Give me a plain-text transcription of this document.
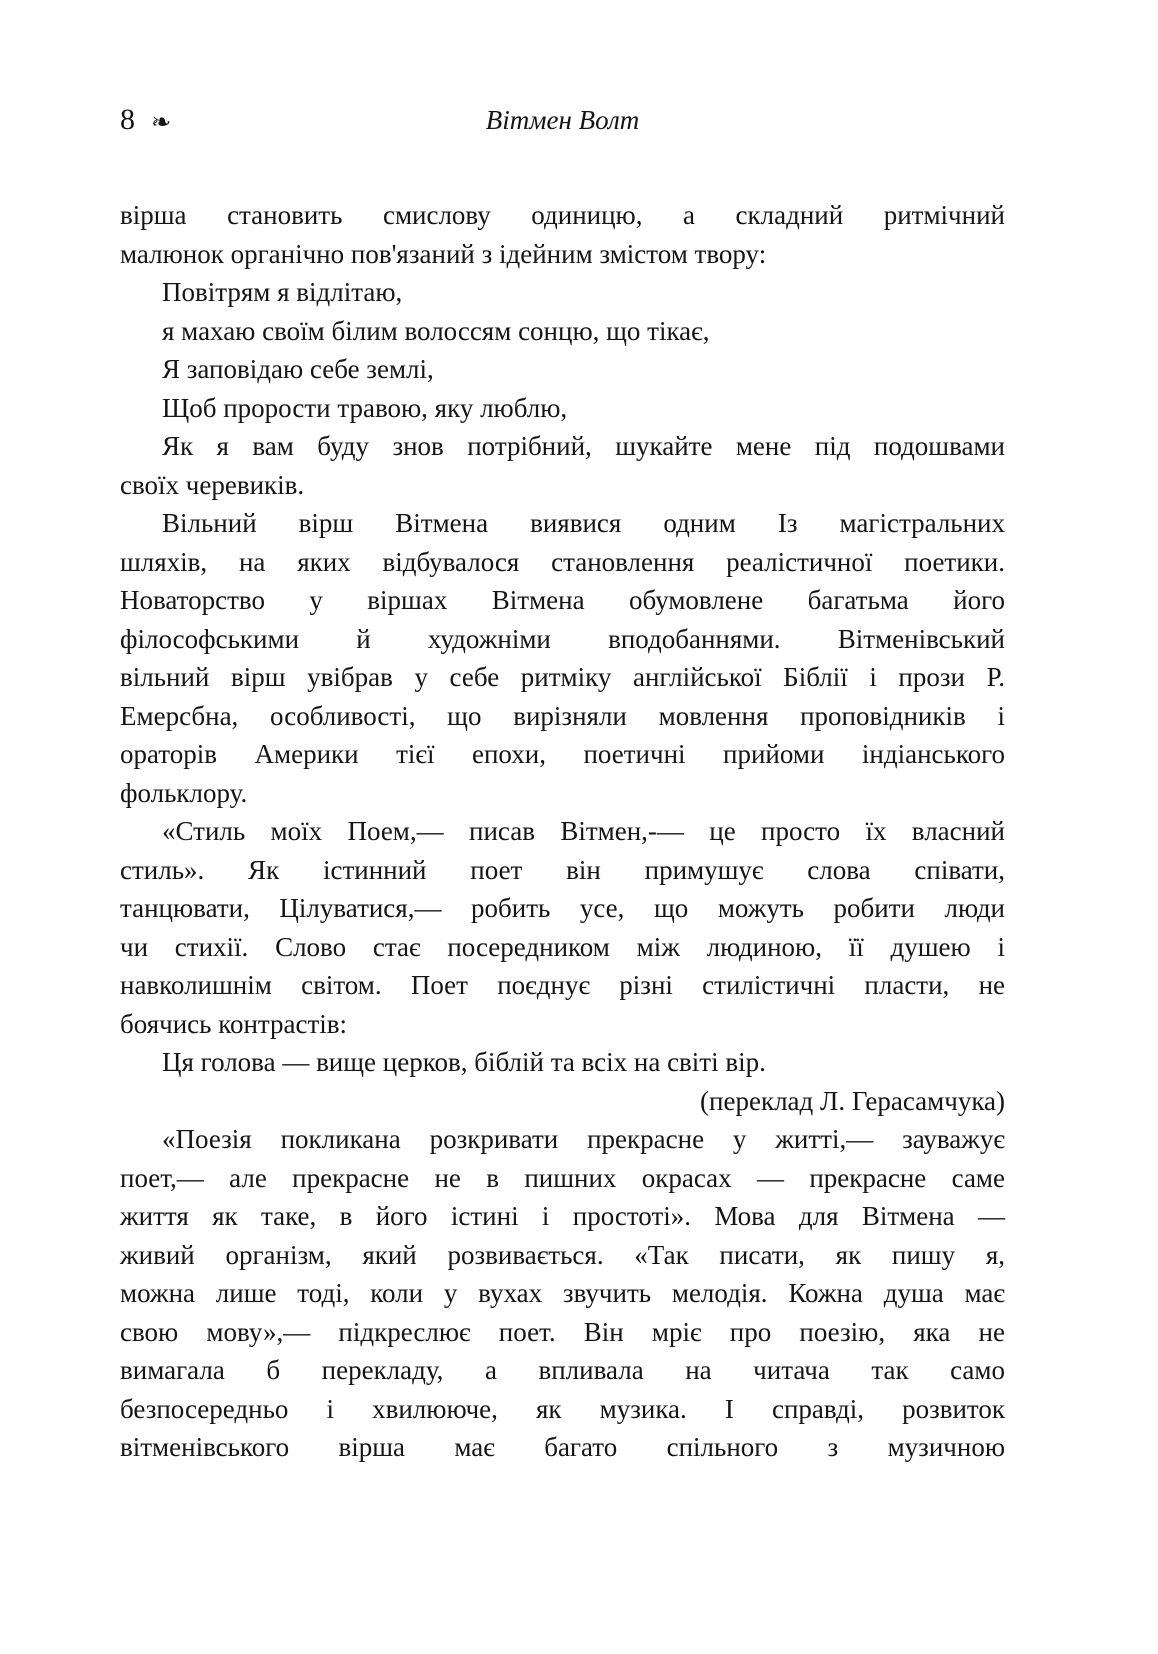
8 ❧	Вітмен Волт
вірша становить смислову одиницю, а складний ритмічний
малюнок органічно пов'язаний з ідейним змістом твору:
Повітрям я відлітаю,
я махаю своїм білим волоссям сонцю, що тікає,
Я заповідаю себе землі,
Щоб прорости травою, яку люблю,
Як я вам буду знов потрібний, шукайте мене під подошвами
своїх черевиків.
Вільний вірш Вітмена виявися одним Із магістральних
шляхів, на яких відбувалося становлення реалістичної поетики.
Новаторство у віршах Вітмена обумовлене багатьма його
філософськими й художніми вподобаннями. Вітменівський
вільний вірш увібрав у себе ритміку англійської Біблії і прози Р.
Емерсбна, особливості, що вирізняли мовлення проповідників і
ораторів Америки тієї епохи, поетичні прийоми індіанського
фольклору.
«Стиль моїх Поем,— писав Вітмен,-— це просто їх власний
стиль». Як істинний поет він примушує слова співати,
танцювати, Цілуватися,— робить усе, що можуть робити люди
чи стихії. Слово стає посередником між людиною, її душею і
навколишнім світом. Поет поєднує різні стилістичні пласти, не
боячись контрастів:
Ця голова — вище церков, біблій та всіх на світі вір.
(переклад Л. Герасамчука)
«Поезія покликана розкривати прекрасне у житті,— зауважує
поет,— але прекрасне не в пишних окрасах — прекрасне саме
життя як таке, в його істині і простоті». Мова для Вітмена —
живий організм, який розвивається. «Так писати, як пишу я,
можна лише тоді, коли у вухах звучить мелодія. Кожна душа має
свою мову»,— підкреслює поет. Він мріє про поезію, яка не
вимагала б перекладу, а впливала на читача так само
безпосередньо і хвилююче, як музика. І справді, розвиток
вітменівського вірша має багато спільного з музичною
